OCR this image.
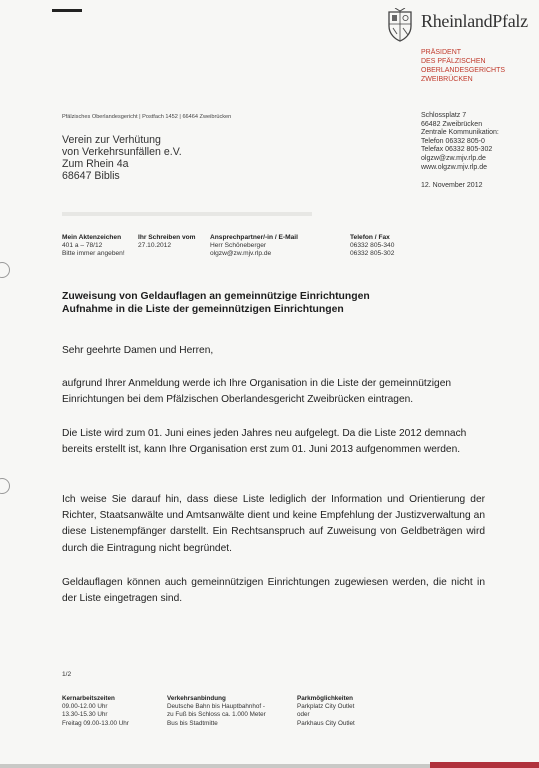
RheinlandPfalz
PRÄSIDENT
DES PFÄLZISCHEN
OBERLANDESGERICHTS
ZWEIBRÜCKEN
Pfälzisches Oberlandesgericht | Postfach 1452 | 66464 Zweibrücken
Verein zur Verhütung
von Verkehrsunfällen e.V.
Zum Rhein 4a
68647 Biblis
Schlossplatz 7
66482 Zweibrücken
Zentrale Kommunikation:
Telefon 06332 805-0
Telefax 06332 805-302
olgzw@zw.mjv.rlp.de
www.olgzw.mjv.rlp.de
12. November 2012
Mein Aktenzeichen
401 a – 78/12
Bitte immer angeben!
Ihr Schreiben vom
27.10.2012
Ansprechpartner/-in / E-Mail
Herr Schöneberger
olgzw@zw.mjv.rlp.de
Telefon / Fax
06332 805-340
06332 805-302
Zuweisung von Geldauflagen an gemeinnützige Einrichtungen
Aufnahme in die Liste der gemeinnützigen Einrichtungen
Sehr geehrte Damen und Herren,
aufgrund Ihrer Anmeldung werde ich Ihre Organisation in die Liste der gemeinnützigen Einrichtungen bei dem Pfälzischen Oberlandesgericht Zweibrücken eintragen.
Die Liste wird zum 01. Juni eines jeden Jahres neu aufgelegt. Da die Liste 2012 demnach bereits erstellt ist, kann Ihre Organisation erst zum 01. Juni 2013 aufgenommen werden.
Ich weise Sie darauf hin, dass diese Liste lediglich der Information und Orientierung der Richter, Staatsanwälte und Amtsanwälte dient und keine Empfehlung der Justizverwaltung an diese Listenempfänger darstellt. Ein Rechtsanspruch auf Zuweisung von Geldbeträgen wird durch die Eintragung nicht begründet.
Geldauflagen können auch gemeinnützigen Einrichtungen zugewiesen werden, die nicht in der Liste eingetragen sind.
1/2
Kernarbeitszeiten
09.00-12.00 Uhr
13.30-15.30 Uhr
Freitag 09.00-13.00 Uhr
Verkehrsanbindung
Deutsche Bahn bis Hauptbahnhof -
zu Fuß bis Schloss ca. 1.000 Meter
Bus bis Stadtmitte
Parkmöglichkeiten
Parkplatz City Outlet
oder
Parkhaus City Outlet
